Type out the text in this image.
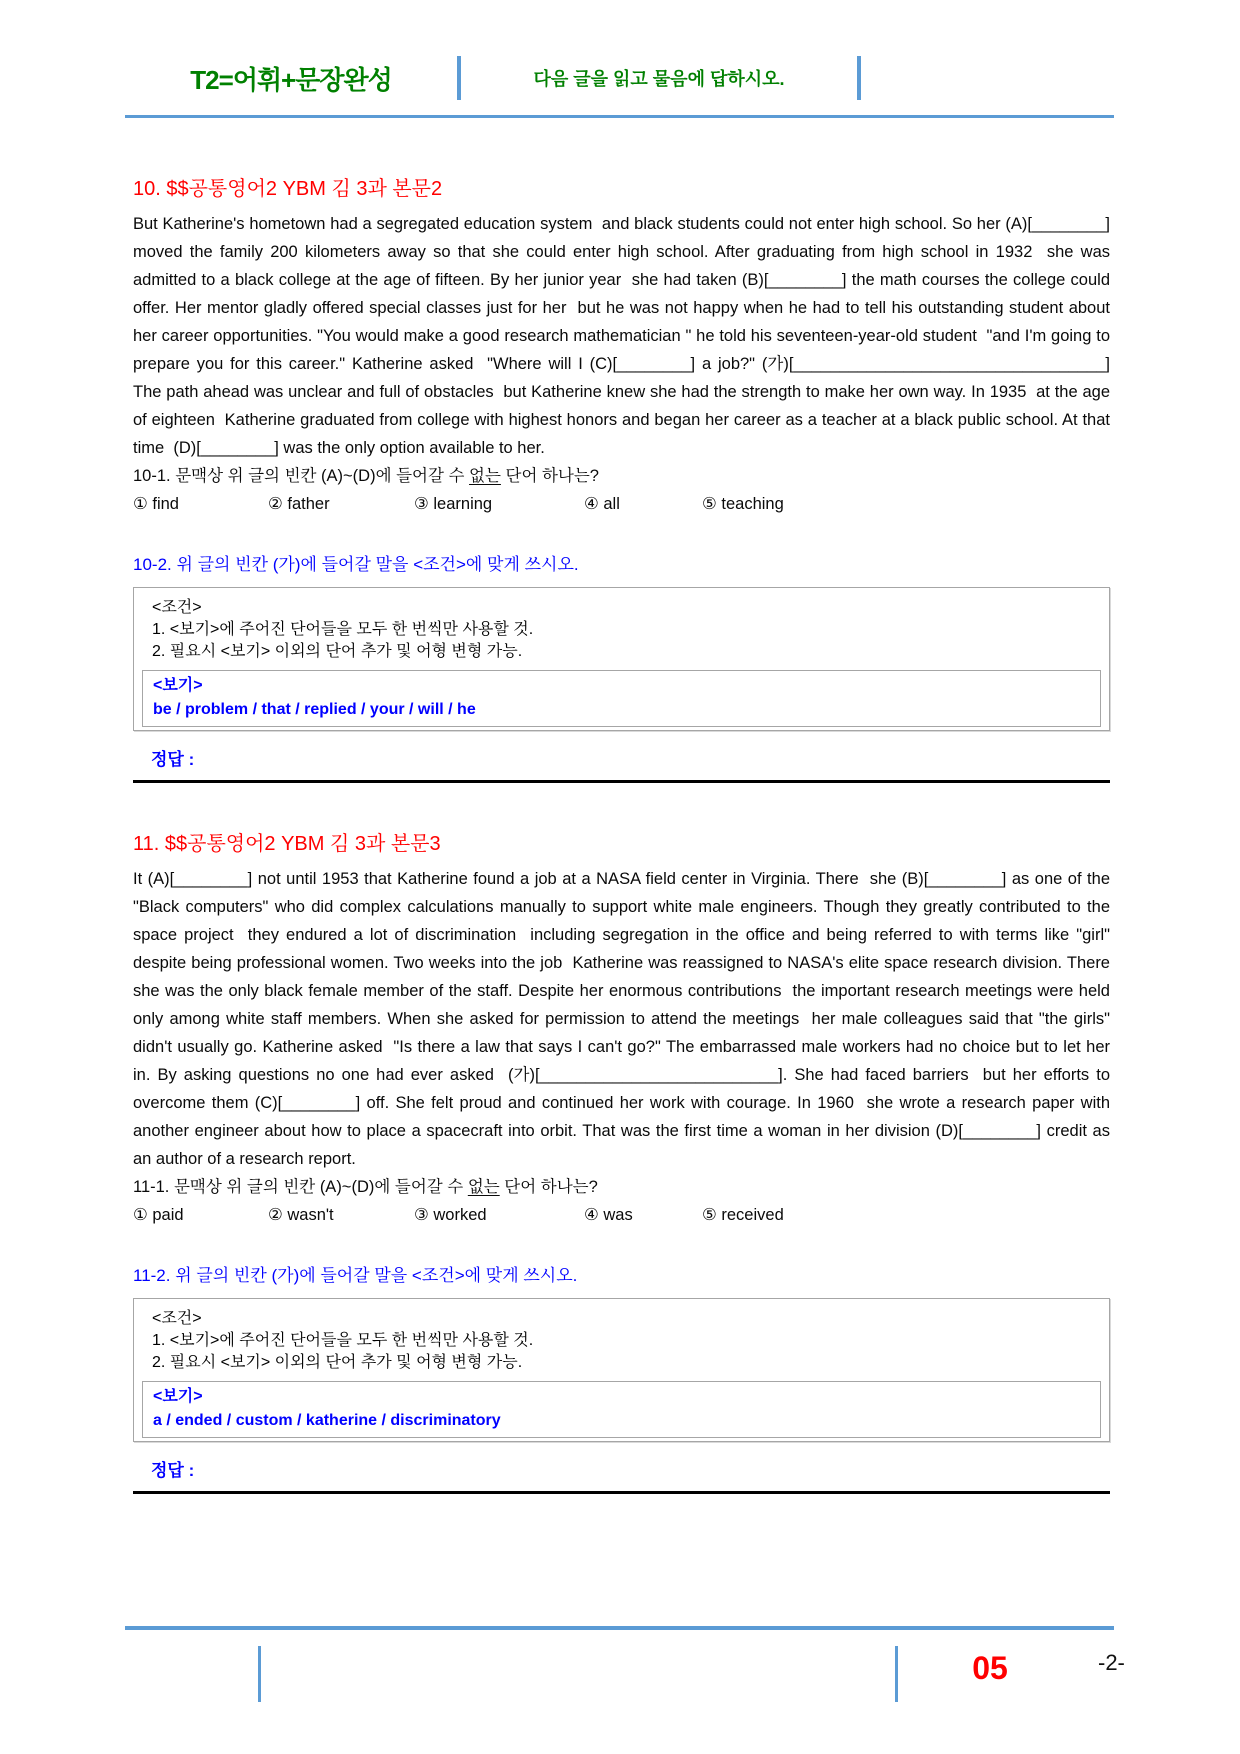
T2=어휘+문장완성	다음 글을 읽고 물음에 답하시오.
10. $$공통영어2 YBM 김 3과 본문2
But Katherine's hometown had a segregated education system  and black students could not enter high school. So her (A)[________] moved the family 200 kilometers away so that she could enter high school. After graduating from high school in 1932  she was admitted to a black college at the age of fifteen. By her junior year  she had taken (B)[________] the math courses the college could offer. Her mentor gladly offered special classes just for her  but he was not happy when he had to tell his outstanding student about her career opportunities. "You would make a good research mathematician " he told his seventeen-year-old student  "and I'm going to prepare you for this career." Katherine asked  "Where will I (C)[________] a job?" (가)[__________________________________] The path ahead was unclear and full of obstacles  but Katherine knew she had the strength to make her own way. In 1935  at the age of eighteen  Katherine graduated from college with highest honors and began her career as a teacher at a black public school. At that time  (D)[________] was the only option available to her.
10-1. 문맥상 위 글의 빈칸 (A)~(D)에 들어갈 수 없는 단어 하나는?
① find	② father	③ learning	④ all	⑤ teaching
10-2. 위 글의 빈칸 (가)에 들어갈 말을 <조건>에 맞게 쓰시오.
<조건>
1. <보기>에 주어진 단어들을 모두 한 번씩만 사용할 것.
2. 필요시 <보기> 이외의 단어 추가 및 어형 변형 가능.
<보기>
be / problem / that / replied / your / will / he
정답 :
11. $$공통영어2 YBM 김 3과 본문3
It (A)[________] not until 1953 that Katherine found a job at a NASA field center in Virginia. There  she (B)[________] as one of the "Black computers" who did complex calculations manually to support white male engineers. Though they greatly contributed to the space project  they endured a lot of discrimination  including segregation in the office and being referred to with terms like "girl"  despite being professional women. Two weeks into the job  Katherine was reassigned to NASA's elite space research division. There  she was the only black female member of the staff. Despite her enormous contributions  the important research meetings were held only among white staff members. When she asked for permission to attend the meetings  her male colleagues said that "the girls" didn't usually go. Katherine asked  "Is there a law that says I can't go?" The embarrassed male workers had no choice but to let her in. By asking questions no one had ever asked  (가)[__________________________]. She had faced barriers  but her efforts to overcome them (C)[________] off. She felt proud and continued her work with courage. In 1960  she wrote a research paper with another engineer about how to place a spacecraft into orbit. That was the first time a woman in her division (D)[________] credit as an author of a research report.
11-1. 문맥상 위 글의 빈칸 (A)~(D)에 들어갈 수 없는 단어 하나는?
① paid	② wasn't	③ worked	④ was	⑤ received
11-2. 위 글의 빈칸 (가)에 들어갈 말을 <조건>에 맞게 쓰시오.
<조건>
1. <보기>에 주어진 단어들을 모두 한 번씩만 사용할 것.
2. 필요시 <보기> 이외의 단어 추가 및 어형 변형 가능.
<보기>
a / ended / custom / katherine / discriminatory
정답 :
05	-2-
